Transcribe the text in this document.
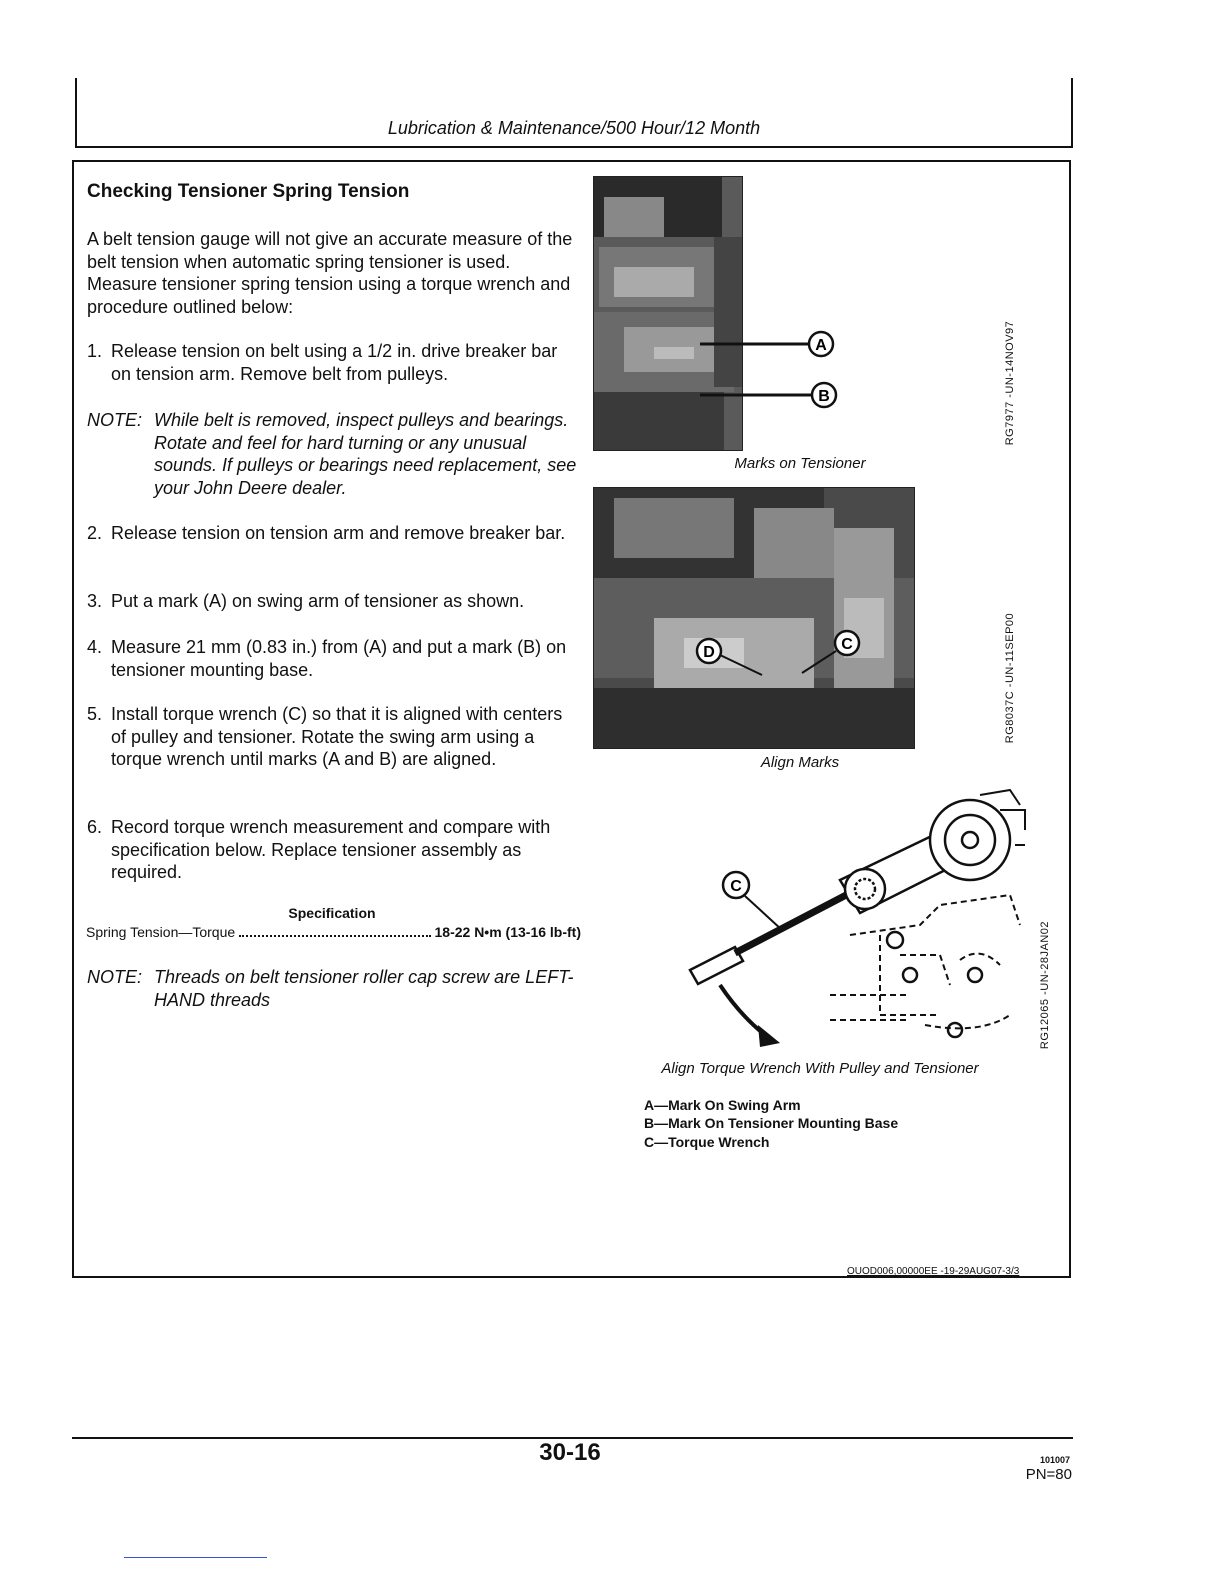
Lubrication & Maintenance/500 Hour/12 Month
Checking Tensioner Spring Tension
A belt tension gauge will not give an accurate measure of the belt tension when automatic spring tensioner is used. Measure tensioner spring tension using a torque wrench and procedure outlined below:
1. Release tension on belt using a 1/2 in. drive breaker bar on tension arm. Remove belt from pulleys.
NOTE: While belt is removed, inspect pulleys and bearings. Rotate and feel for hard turning or any unusual sounds. If pulleys or bearings need replacement, see your John Deere dealer.
2. Release tension on tension arm and remove breaker bar.
3. Put a mark (A) on swing arm of tensioner as shown.
4. Measure 21 mm (0.83 in.) from (A) and put a mark (B) on tensioner mounting base.
5. Install torque wrench (C) so that it is aligned with centers of pulley and tensioner. Rotate the swing arm using a torque wrench until marks (A and B) are aligned.
6. Record torque wrench measurement and compare with specification below. Replace tensioner assembly as required.
Specification
Spring Tension—Torque	18-22 N•m (13-16 lb-ft)
NOTE: Threads on belt tensioner roller cap screw are LEFT-HAND threads
A
B
Marks on Tensioner
RG7977 -UN-14NOV97
D	C
Align Marks
RG8037C -UN-11SEP00
C
Align Torque Wrench With Pulley and Tensioner
RG12065 -UN-28JAN02
A—Mark On Swing Arm
B—Mark On Tensioner Mounting Base
C—Torque Wrench
OUOD006,00000EE -19-29AUG07-3/3
30-16	101007
PN=80
